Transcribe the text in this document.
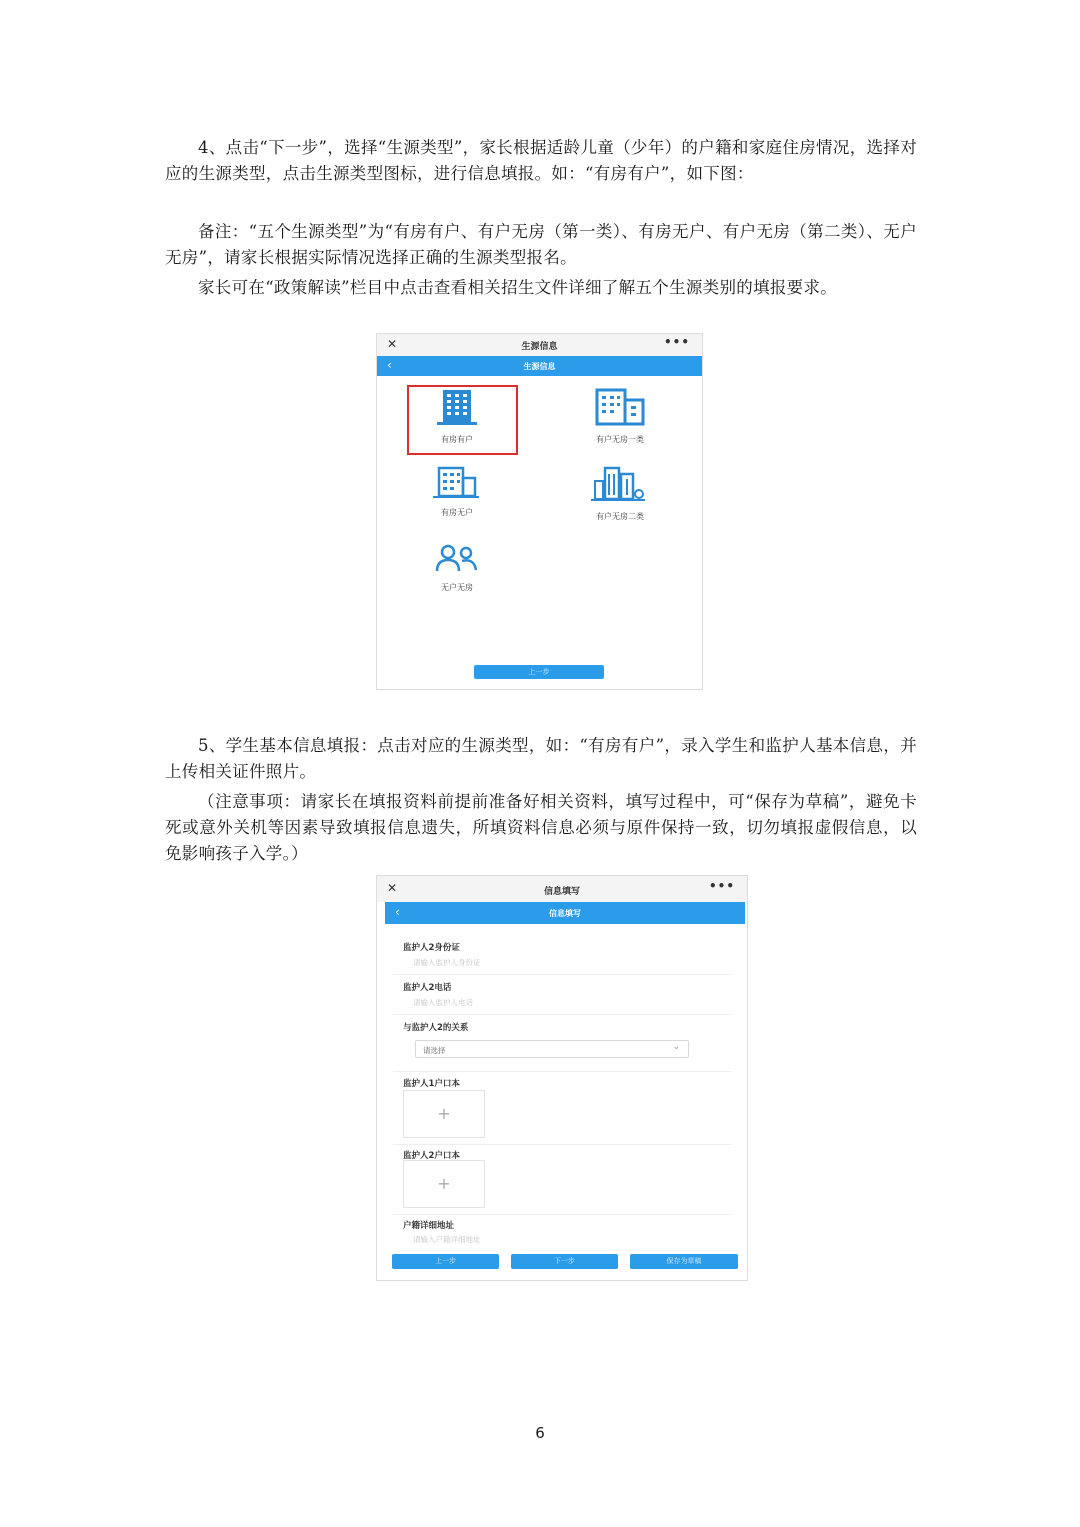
4、点击“下一步”，选择“生源类型”，家长根据适龄儿童（少年）的户籍和家庭住房情况，选择对应的生源类型，点击生源类型图标，进行信息填报。如：“有房有户”，如下图：

备注：“五个生源类型”为“有房有户、有户无房（第一类）、有房无户、有户无房（第二类）、无户无房”，请家长根据实际情况选择正确的生源类型报名。

家长可在“政策解读”栏目中点击查看相关招生文件详细了解五个生源类别的填报要求。

✕	生源信息	•••
‹	生源信息
有房有户	有户无房一类
有房无户	有户无房二类
无户无房
上一步

5、学生基本信息填报：点击对应的生源类型，如：“有房有户”，录入学生和监护人基本信息，并上传相关证件照片。

（注意事项：请家长在填报资料前提前准备好相关资料，填写过程中，可“保存为草稿”，避免卡死或意外关机等因素导致填报信息遗失，所填资料信息必须与原件保持一致，切勿填报虚假信息，以免影响孩子入学。）

✕	信息填写	•••
‹	信息填写
监护人2身份证
请输入监护人身份证
监护人2电话
请输入监护人电话
与监护人2的关系
请选择	⌄
监护人1户口本
+
监护人2户口本
+
户籍详细地址
请输入户籍详细地址
上一步	下一步	保存为草稿
6
